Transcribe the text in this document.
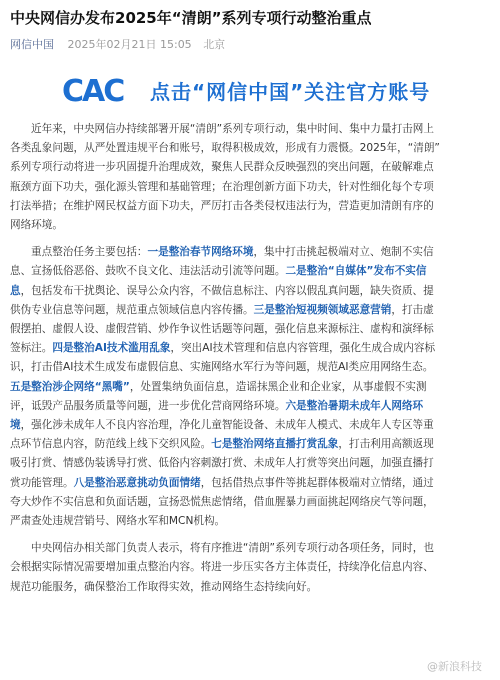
中央网信办发布2025年“清朗”系列专项行动整治重点
网信中国 2025年02月21日 15:05 北京
CAC 点击“网信中国”关注官方账号
近年来，中央网信办持续部署开展“清朗”系列专项行动，集中时间、集中力量打击网上
各类乱象问题，从严处置违规平台和账号，取得积极成效，形成有力震慑。2025年，“清朗”
系列专项行动将进一步巩固提升治理成效，聚焦人民群众反映强烈的突出问题，在破解难点
瓶颈方面下功夫，强化源头管理和基础管理；在治理创新方面下功夫，针对性细化每个专项
打法举措；在维护网民权益方面下功夫，严厉打击各类侵权违法行为，营造更加清朗有序的
网络环境。
重点整治任务主要包括：一是整治春节网络环境，集中打击挑起极端对立、炮制不实信
息、宣扬低俗恶俗、鼓吹不良文化、违法活动引流等问题。二是整治“自媒体”发布不实信
息，包括发布干扰舆论、误导公众内容，不做信息标注、内容以假乱真问题，缺失资质、提
供伪专业信息等问题，规范重点领域信息内容传播。三是整治短视频领域恶意营销，打击虚
假摆拍、虚假人设、虚假营销、炒作争议性话题等问题，强化信息来源标注、虚构和演绎标
签标注。四是整治AI技术滥用乱象，突出AI技术管理和信息内容管理，强化生成合成内容标
识，打击借AI技术生成发布虚假信息、实施网络水军行为等问题，规范AI类应用网络生态。
五是整治涉企网络“黑嘴”，处置集纳负面信息，造谣抹黑企业和企业家，从事虚假不实测
评，诋毁产品服务质量等问题，进一步优化营商网络环境。六是整治暑期未成年人网络环
境，强化涉未成年人不良内容治理，净化儿童智能设备、未成年人模式、未成年人专区等重
点环节信息内容，防范线上线下交织风险。七是整治网络直播打赏乱象，打击利用高额返现
吸引打赏、情感伪装诱导打赏、低俗内容刺激打赏、未成年人打赏等突出问题，加强直播打
赏功能管理。八是整治恶意挑动负面情绪，包括借热点事件等挑起群体极端对立情绪，通过
夸大炒作不实信息和负面话题，宣扬恐慌焦虑情绪，借血腥暴力画面挑起网络戾气等问题，
严肃查处违规营销号、网络水军和MCN机构。
中央网信办相关部门负责人表示，将有序推进“清朗”系列专项行动各项任务，同时，也
会根据实际情况需要增加重点整治内容。将进一步压实各方主体责任，持续净化信息内容、
规范功能服务，确保整治工作取得实效，推动网络生态持续向好。
@新浪科技
